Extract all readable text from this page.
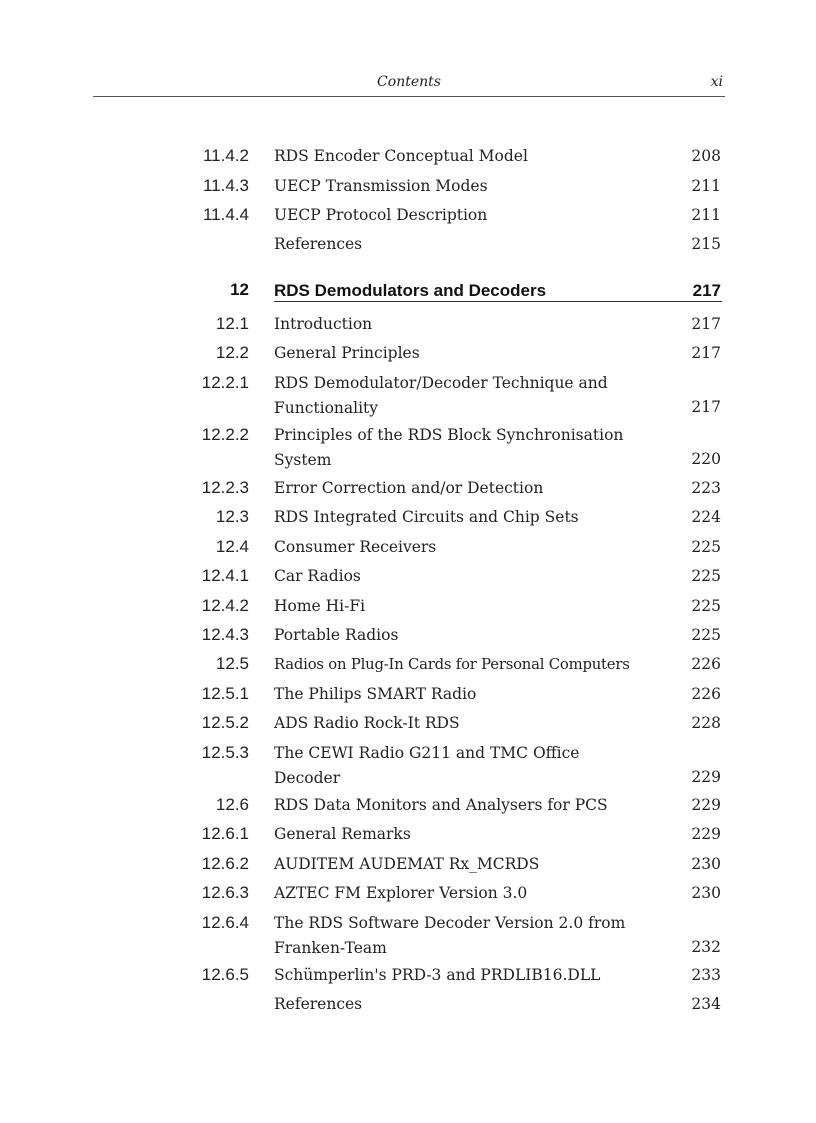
Contents	xi
11.4.2 RDS Encoder Conceptual Model	208
11.4.3 UECP Transmission Modes	211
11.4.4 UECP Protocol Description	211
References	215
12 RDS Demodulators and Decoders	217
12.1 Introduction	217
12.2 General Principles	217
12.2.1 RDS Demodulator/Decoder Technique and Functionality	217
12.2.2 Principles of the RDS Block Synchronisation System	220
12.2.3 Error Correction and/or Detection	223
12.3 RDS Integrated Circuits and Chip Sets	224
12.4 Consumer Receivers	225
12.4.1 Car Radios	225
12.4.2 Home Hi-Fi	225
12.4.3 Portable Radios	225
12.5 Radios on Plug-In Cards for Personal Computers	226
12.5.1 The Philips SMART Radio	226
12.5.2 ADS Radio Rock-It RDS	228
12.5.3 The CEWI Radio G211 and TMC Office Decoder	229
12.6 RDS Data Monitors and Analysers for PCS	229
12.6.1 General Remarks	229
12.6.2 AUDITEM AUDEMAT Rx_MCRDS	230
12.6.3 AZTEC FM Explorer Version 3.0	230
12.6.4 The RDS Software Decoder Version 2.0 from Franken-Team	232
12.6.5 Schümperlin's PRD-3 and PRDLIB16.DLL	233
References	234
